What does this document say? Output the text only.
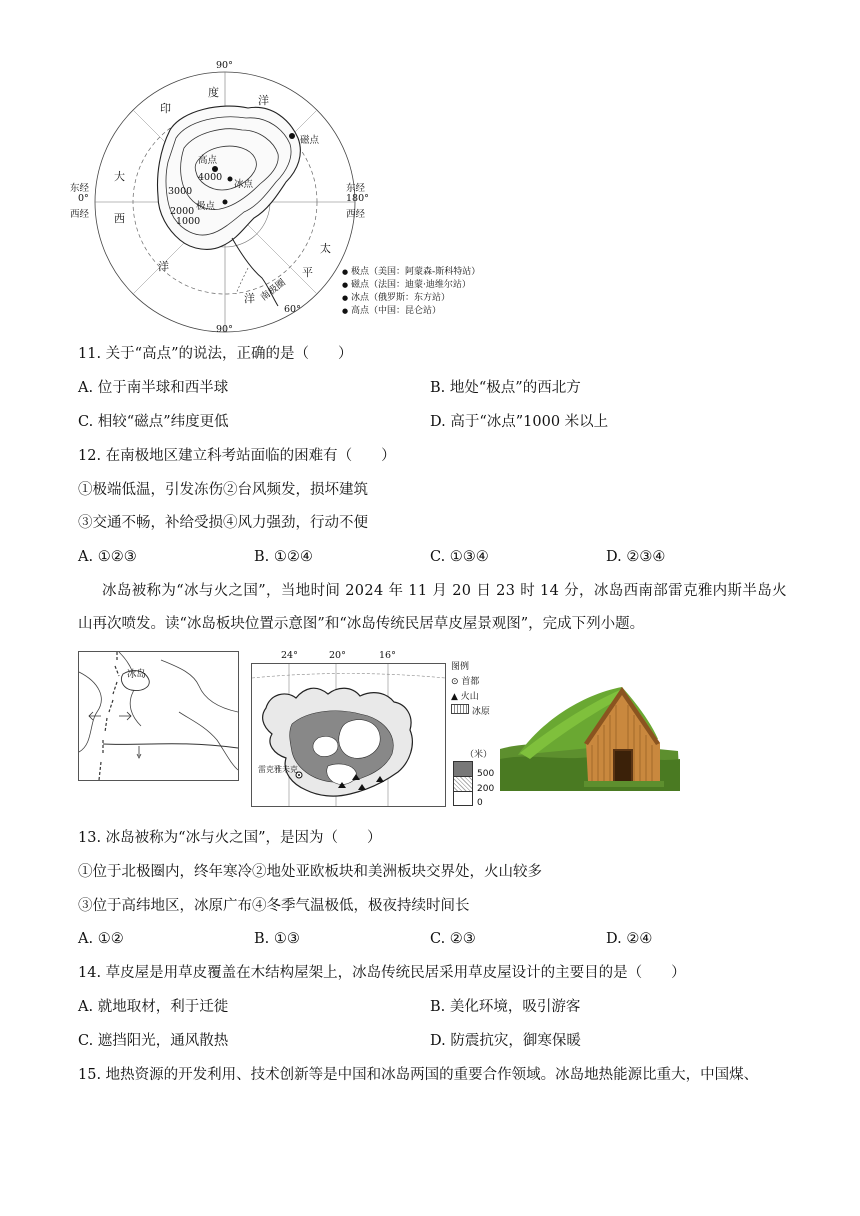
90°
90°
东经
0°
西经
东经
180°
西经
60°
印
度
洋
大
西
洋
太
平
洋 南极圈
高点
冰点
极点
磁点
4000
3000
2000
1000
● 极点（美国：阿蒙森-斯科特站）
● 磁点（法国：迪蒙·迪维尔站）
● 冰点（俄罗斯：东方站）
● 高点（中国：昆仑站）
11. 关于“高点”的说法，正确的是（　　）
A. 位于南半球和西半球	B. 地处“极点”的西北方
C. 相较“磁点”纬度更低	D. 高于“冰点”1000 米以上
12. 在南极地区建立科考站面临的困难有（　　）
①极端低温，引发冻伤②台风频发，损坏建筑
③交通不畅，补给受损④风力强劲，行动不便
A. ①②③	B. ①②④	C. ①③④	D. ②③④
冰岛被称为“冰与火之国”，当地时间 2024 年 11 月 20 日 23 时 14 分，冰岛西南部雷克雅内斯半岛火
山再次喷发。读“冰岛板块位置示意图”和“冰岛传统民居草皮屋景观图”，完成下列小题。
冰岛
24°	20°	16°
雷克雅未克
图例
⊙ 首都
▲ 火山
冰原
（米）
500
200
0
13. 冰岛被称为“冰与火之国”，是因为（　　）
①位于北极圈内，终年寒冷②地处亚欧板块和美洲板块交界处，火山较多
③位于高纬地区，冰原广布④冬季气温极低，极夜持续时间长
A. ①②	B. ①③	C. ②③	D. ②④
14. 草皮屋是用草皮覆盖在木结构屋架上，冰岛传统民居采用草皮屋设计的主要目的是（　　）
A. 就地取材，利于迁徙	B. 美化环境，吸引游客
C. 遮挡阳光，通风散热	D. 防震抗灾，御寒保暖
15. 地热资源的开发利用、技术创新等是中国和冰岛两国的重要合作领域。冰岛地热能源比重大，中国煤、
